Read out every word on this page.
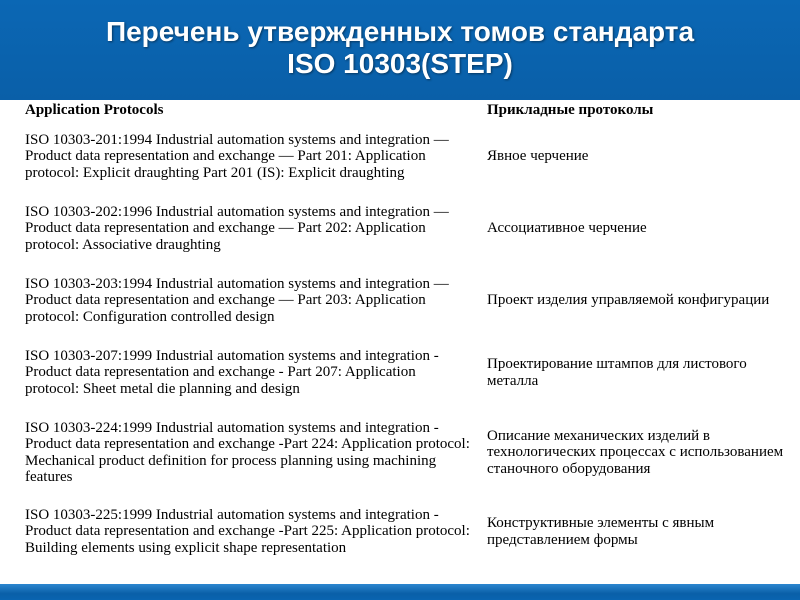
Перечень утвержденных томов стандарта
ISO 10303(STEP)
Application Protocols	Прикладные протоколы
ISO 10303-201:1994 Industrial automation systems and integration — Product data representation and exchange — Part 201: Application protocol: Explicit draughting Part 201 (IS): Explicit draughting	Явное черчение
ISO 10303-202:1996 Industrial automation systems and integration — Product data representation and exchange — Part 202: Application protocol: Associative draughting	Ассоциативное черчение
ISO 10303-203:1994 Industrial automation systems and integration — Product data representation and exchange — Part 203: Application protocol: Configuration controlled design	Проект изделия управляемой конфигурации
ISO 10303-207:1999 Industrial automation systems and integration - Product data representation and exchange - Part 207: Application protocol: Sheet metal die planning and design	Проектирование штампов для листового металла
ISO 10303-224:1999 Industrial automation systems and integration - Product data representation and exchange -Part 224: Application protocol: Mechanical product definition for process planning using machining features	Описание механических изделий в технологических процессах с использованием станочного оборудования
ISO 10303-225:1999 Industrial automation systems and integration - Product data representation and exchange -Part 225: Application protocol: Building elements using explicit shape representation	Конструктивные элементы с явным представлением формы
